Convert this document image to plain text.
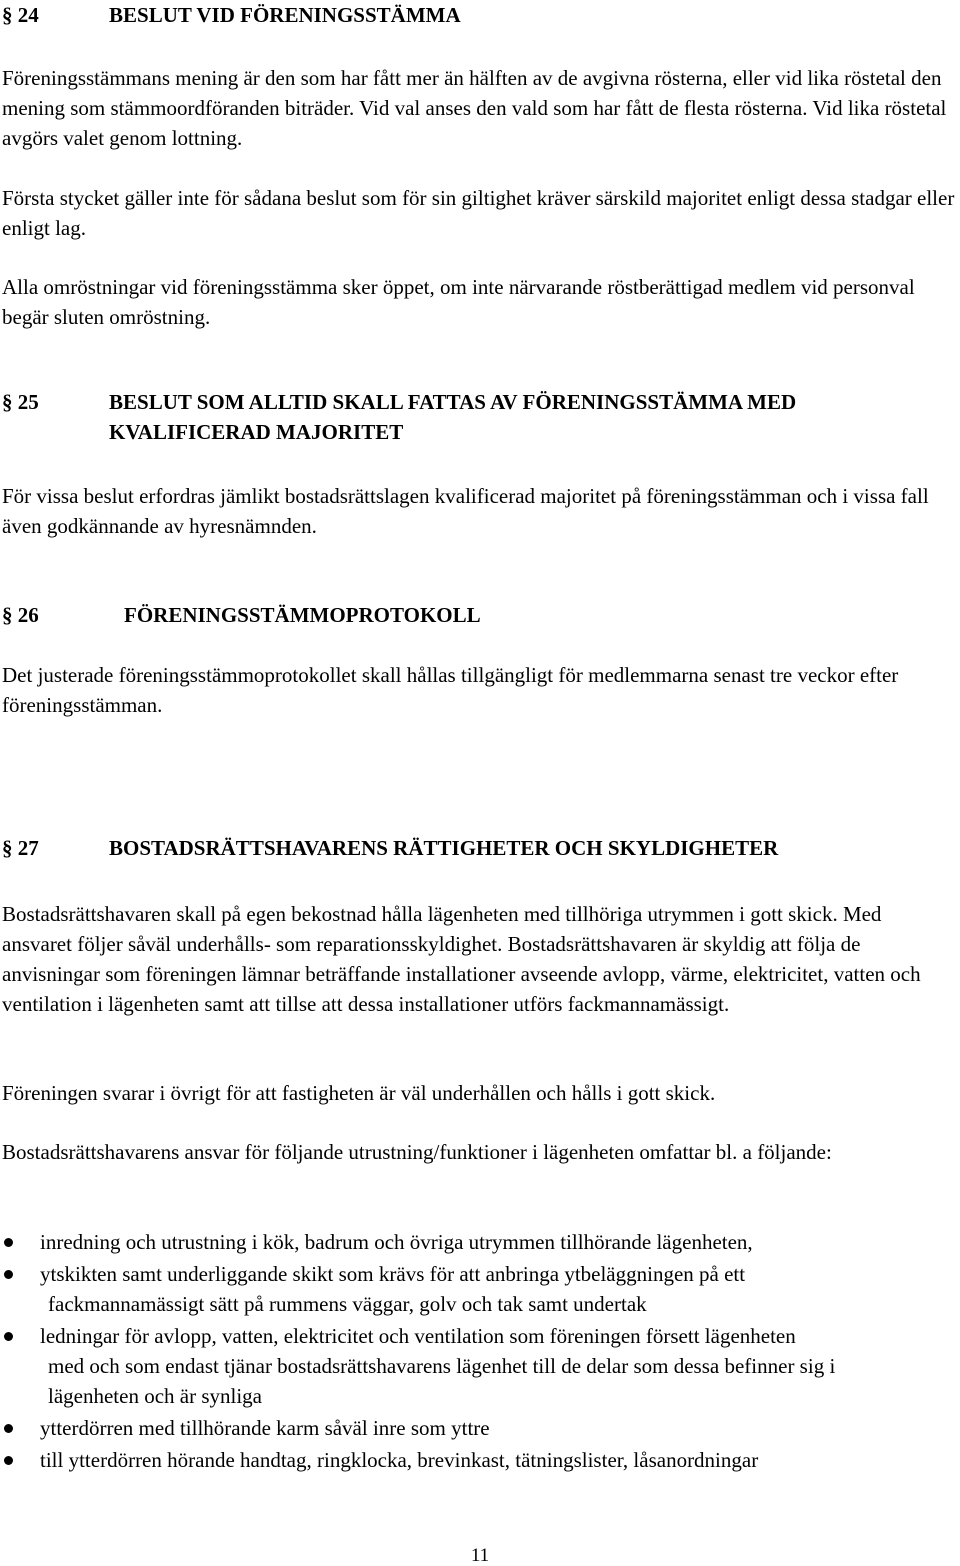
§ 24	BESLUT VID FÖRENINGSSTÄMMA

Föreningsstämmans mening är den som har fått mer än hälften av de avgivna rösterna, eller vid lika röstetal den mening som stämmoordföranden biträder. Vid val anses den vald som har fått de flesta rösterna. Vid lika röstetal avgörs valet genom lottning.

Första stycket gäller inte för sådana beslut som för sin giltighet kräver särskild majoritet enligt dessa stadgar eller enligt lag.

Alla omröstningar vid föreningsstämma sker öppet, om inte närvarande röstberättigad medlem vid personval begär sluten omröstning.

§ 25	BESLUT SOM ALLTID SKALL FATTAS AV FÖRENINGSSTÄMMA MED KVALIFICERAD MAJORITET

För vissa beslut erfordras jämlikt bostadsrättslagen kvalificerad majoritet på föreningsstämman och i vissa fall även godkännande av hyresnämnden.

§ 26	FÖRENINGSSTÄMMOPROTOKOLL

Det justerade föreningsstämmoprotokollet skall hållas tillgängligt för medlemmarna senast tre veckor efter föreningsstämman.

§ 27	BOSTADSRÄTTSHAVARENS RÄTTIGHETER OCH SKYLDIGHETER

Bostadsrättshavaren skall på egen bekostnad hålla lägenheten med tillhöriga utrymmen i gott skick. Med ansvaret följer såväl underhålls- som reparationsskyldighet. Bostadsrättshavaren är skyldig att följa de anvisningar som föreningen lämnar beträffande installationer avseende avlopp, värme, elektricitet, vatten och ventilation i lägenheten samt att tillse att dessa installationer utförs fackmannamässigt.

Föreningen svarar i övrigt för att fastigheten är väl underhållen och hålls i gott skick.

Bostadsrättshavarens ansvar för följande utrustning/funktioner i lägenheten omfattar bl. a följande:

inredning och utrustning i kök, badrum och övriga utrymmen tillhörande lägenheten,
ytskikten samt underliggande skikt som krävs för att anbringa ytbeläggningen på ett
fackmannamässigt sätt på rummens väggar, golv och tak samt undertak
ledningar för avlopp, vatten, elektricitet och ventilation som föreningen försett lägenheten
med och som endast tjänar bostadsrättshavarens lägenhet till de delar som dessa befinner sig i lägenheten och är synliga
ytterdörren med tillhörande karm såväl inre som yttre
till ytterdörren hörande handtag, ringklocka, brevinkast, tätningslister, låsanordningar
11
